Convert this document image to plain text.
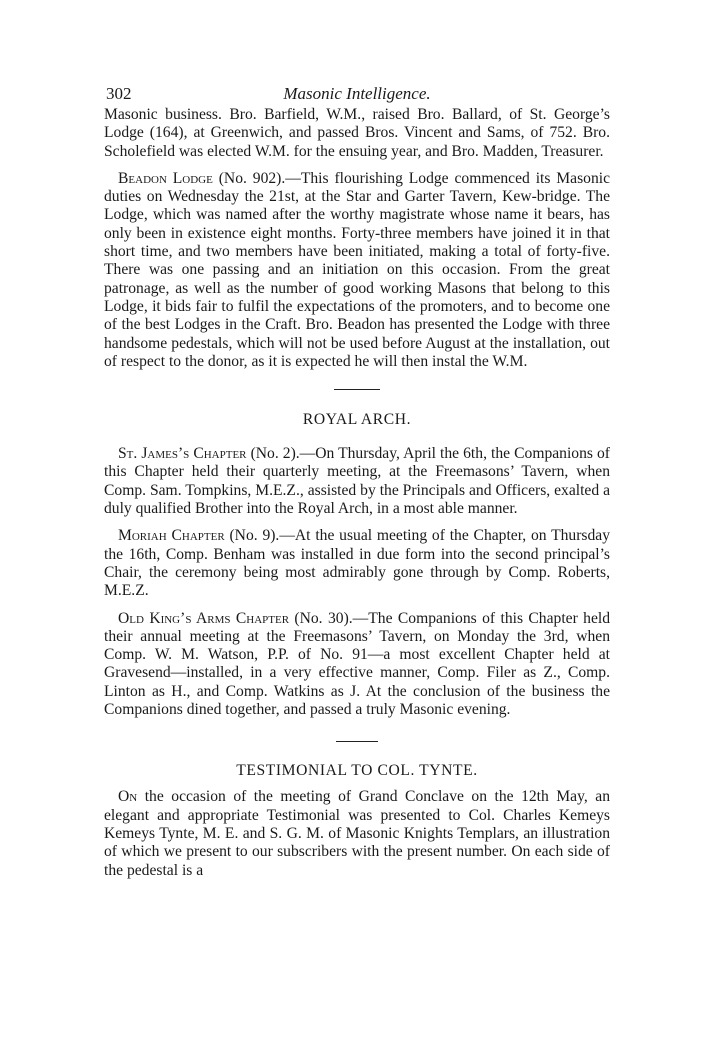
302	Masonic Intelligence.

Masonic business. Bro. Barfield, W.M., raised Bro. Ballard, of St. George’s Lodge (164), at Greenwich, and passed Bros. Vincent and Sams, of 752. Bro. Scholefield was elected W.M. for the ensuing year, and Bro. Madden, Treasurer.

Beadon Lodge (No. 902).—This flourishing Lodge commenced its Masonic duties on Wednesday the 21st, at the Star and Garter Tavern, Kew-bridge. The Lodge, which was named after the worthy magistrate whose name it bears, has only been in existence eight months. Forty-three members have joined it in that short time, and two members have been initiated, making a total of forty-five. There was one passing and an initiation on this occasion. From the great patronage, as well as the number of good working Masons that belong to this Lodge, it bids fair to fulfil the expectations of the promoters, and to become one of the best Lodges in the Craft. Bro. Beadon has presented the Lodge with three handsome pedestals, which will not be used before August at the installation, out of respect to the donor, as it is expected he will then instal the W.M.

ROYAL ARCH.

St. James’s Chapter (No. 2).—On Thursday, April the 6th, the Companions of this Chapter held their quarterly meeting, at the Freemasons’ Tavern, when Comp. Sam. Tompkins, M.E.Z., assisted by the Principals and Officers, exalted a duly qualified Brother into the Royal Arch, in a most able manner.

Moriah Chapter (No. 9).—At the usual meeting of the Chapter, on Thursday the 16th, Comp. Benham was installed in due form into the second principal’s Chair, the ceremony being most admirably gone through by Comp. Roberts, M.E.Z.

Old King’s Arms Chapter (No. 30).—The Companions of this Chapter held their annual meeting at the Freemasons’ Tavern, on Monday the 3rd, when Comp. W. M. Watson, P.P. of No. 91—a most excellent Chapter held at Gravesend—installed, in a very effective manner, Comp. Filer as Z., Comp. Linton as H., and Comp. Watkins as J. At the conclusion of the business the Companions dined together, and passed a truly Masonic evening.

TESTIMONIAL TO COL. TYNTE.

On the occasion of the meeting of Grand Conclave on the 12th May, an elegant and appropriate Testimonial was presented to Col. Charles Kemeys Kemeys Tynte, M. E. and S. G. M. of Masonic Knights Templars, an illustration of which we present to our subscribers with the present number. On each side of the pedestal is a
